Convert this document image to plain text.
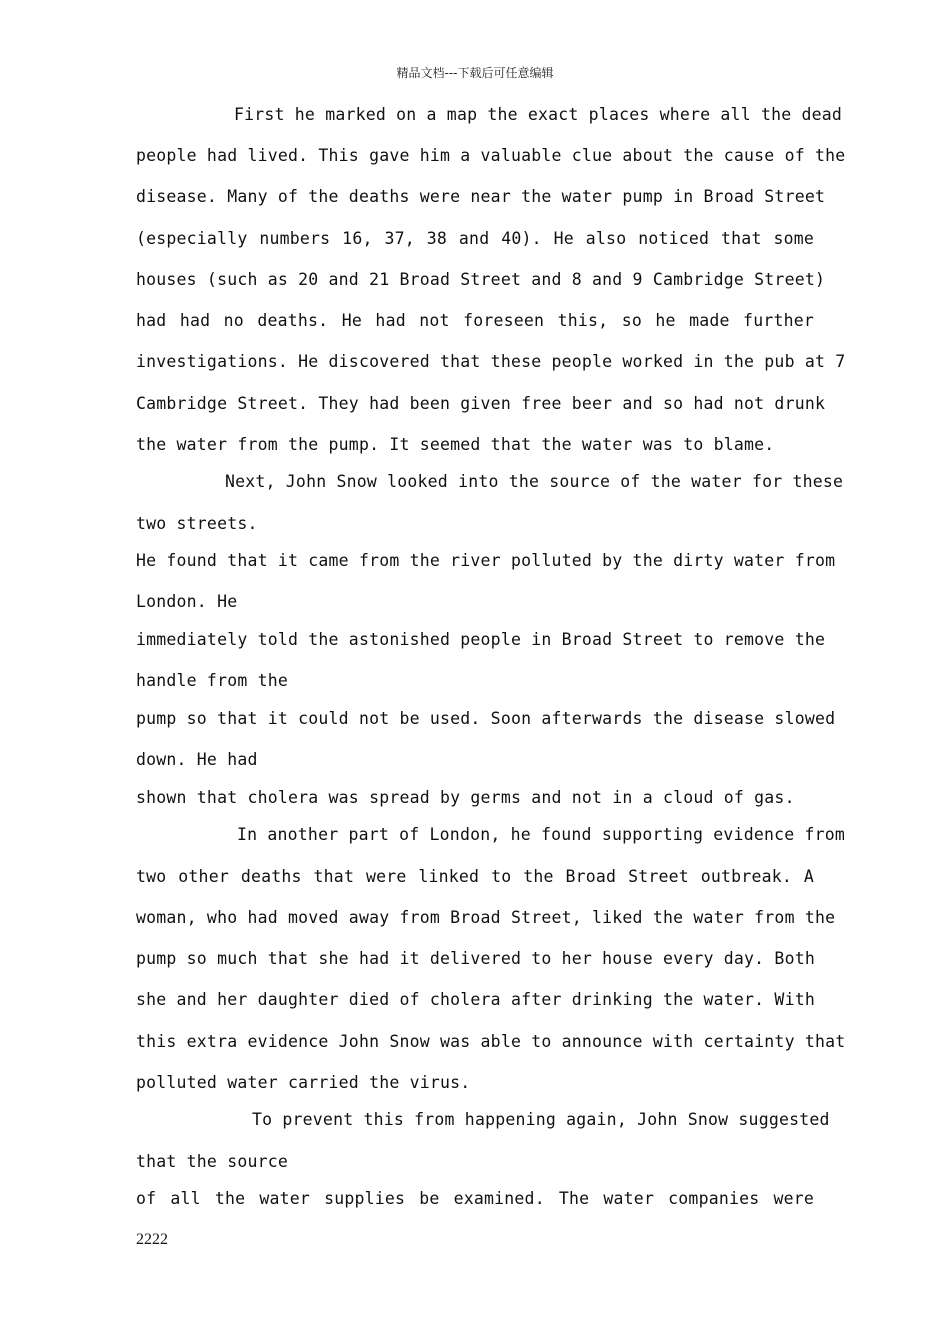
精品文档---下载后可任意编辑
First he marked on a map the exact places where all the dead
people had lived. This gave him a valuable clue about the cause of the
disease. Many of the deaths were near the water pump in Broad Street
(especially numbers 16, 37, 38 and 40). He also noticed that some
houses (such as 20 and 21 Broad Street and 8 and 9 Cambridge Street)
had had no deaths. He had not foreseen this, so he made further
investigations. He discovered that these people worked in the pub at 7
Cambridge Street. They had been given free beer and so had not drunk
the water from the pump. It seemed that the water was to blame.
Next, John Snow looked into the source of the water for these
two streets.
He found that it came from the river polluted by the dirty water from
London. He
immediately told the astonished people in Broad Street to remove the
handle from the
pump so that it could not be used. Soon afterwards the disease slowed
down. He had
shown that cholera was spread by germs and not in a cloud of gas.
In another part of London, he found supporting evidence from
two other deaths that were linked to the Broad Street outbreak. A
woman, who had moved away from Broad Street, liked the water from the
pump so much that she had it delivered to her house every day. Both
she and her daughter died of cholera after drinking the water. With
this extra evidence John Snow was able to announce with certainty that
polluted water carried the virus.
To prevent this from happening again, John Snow suggested
that the source
of all the water supplies be examined. The water companies were
2222
